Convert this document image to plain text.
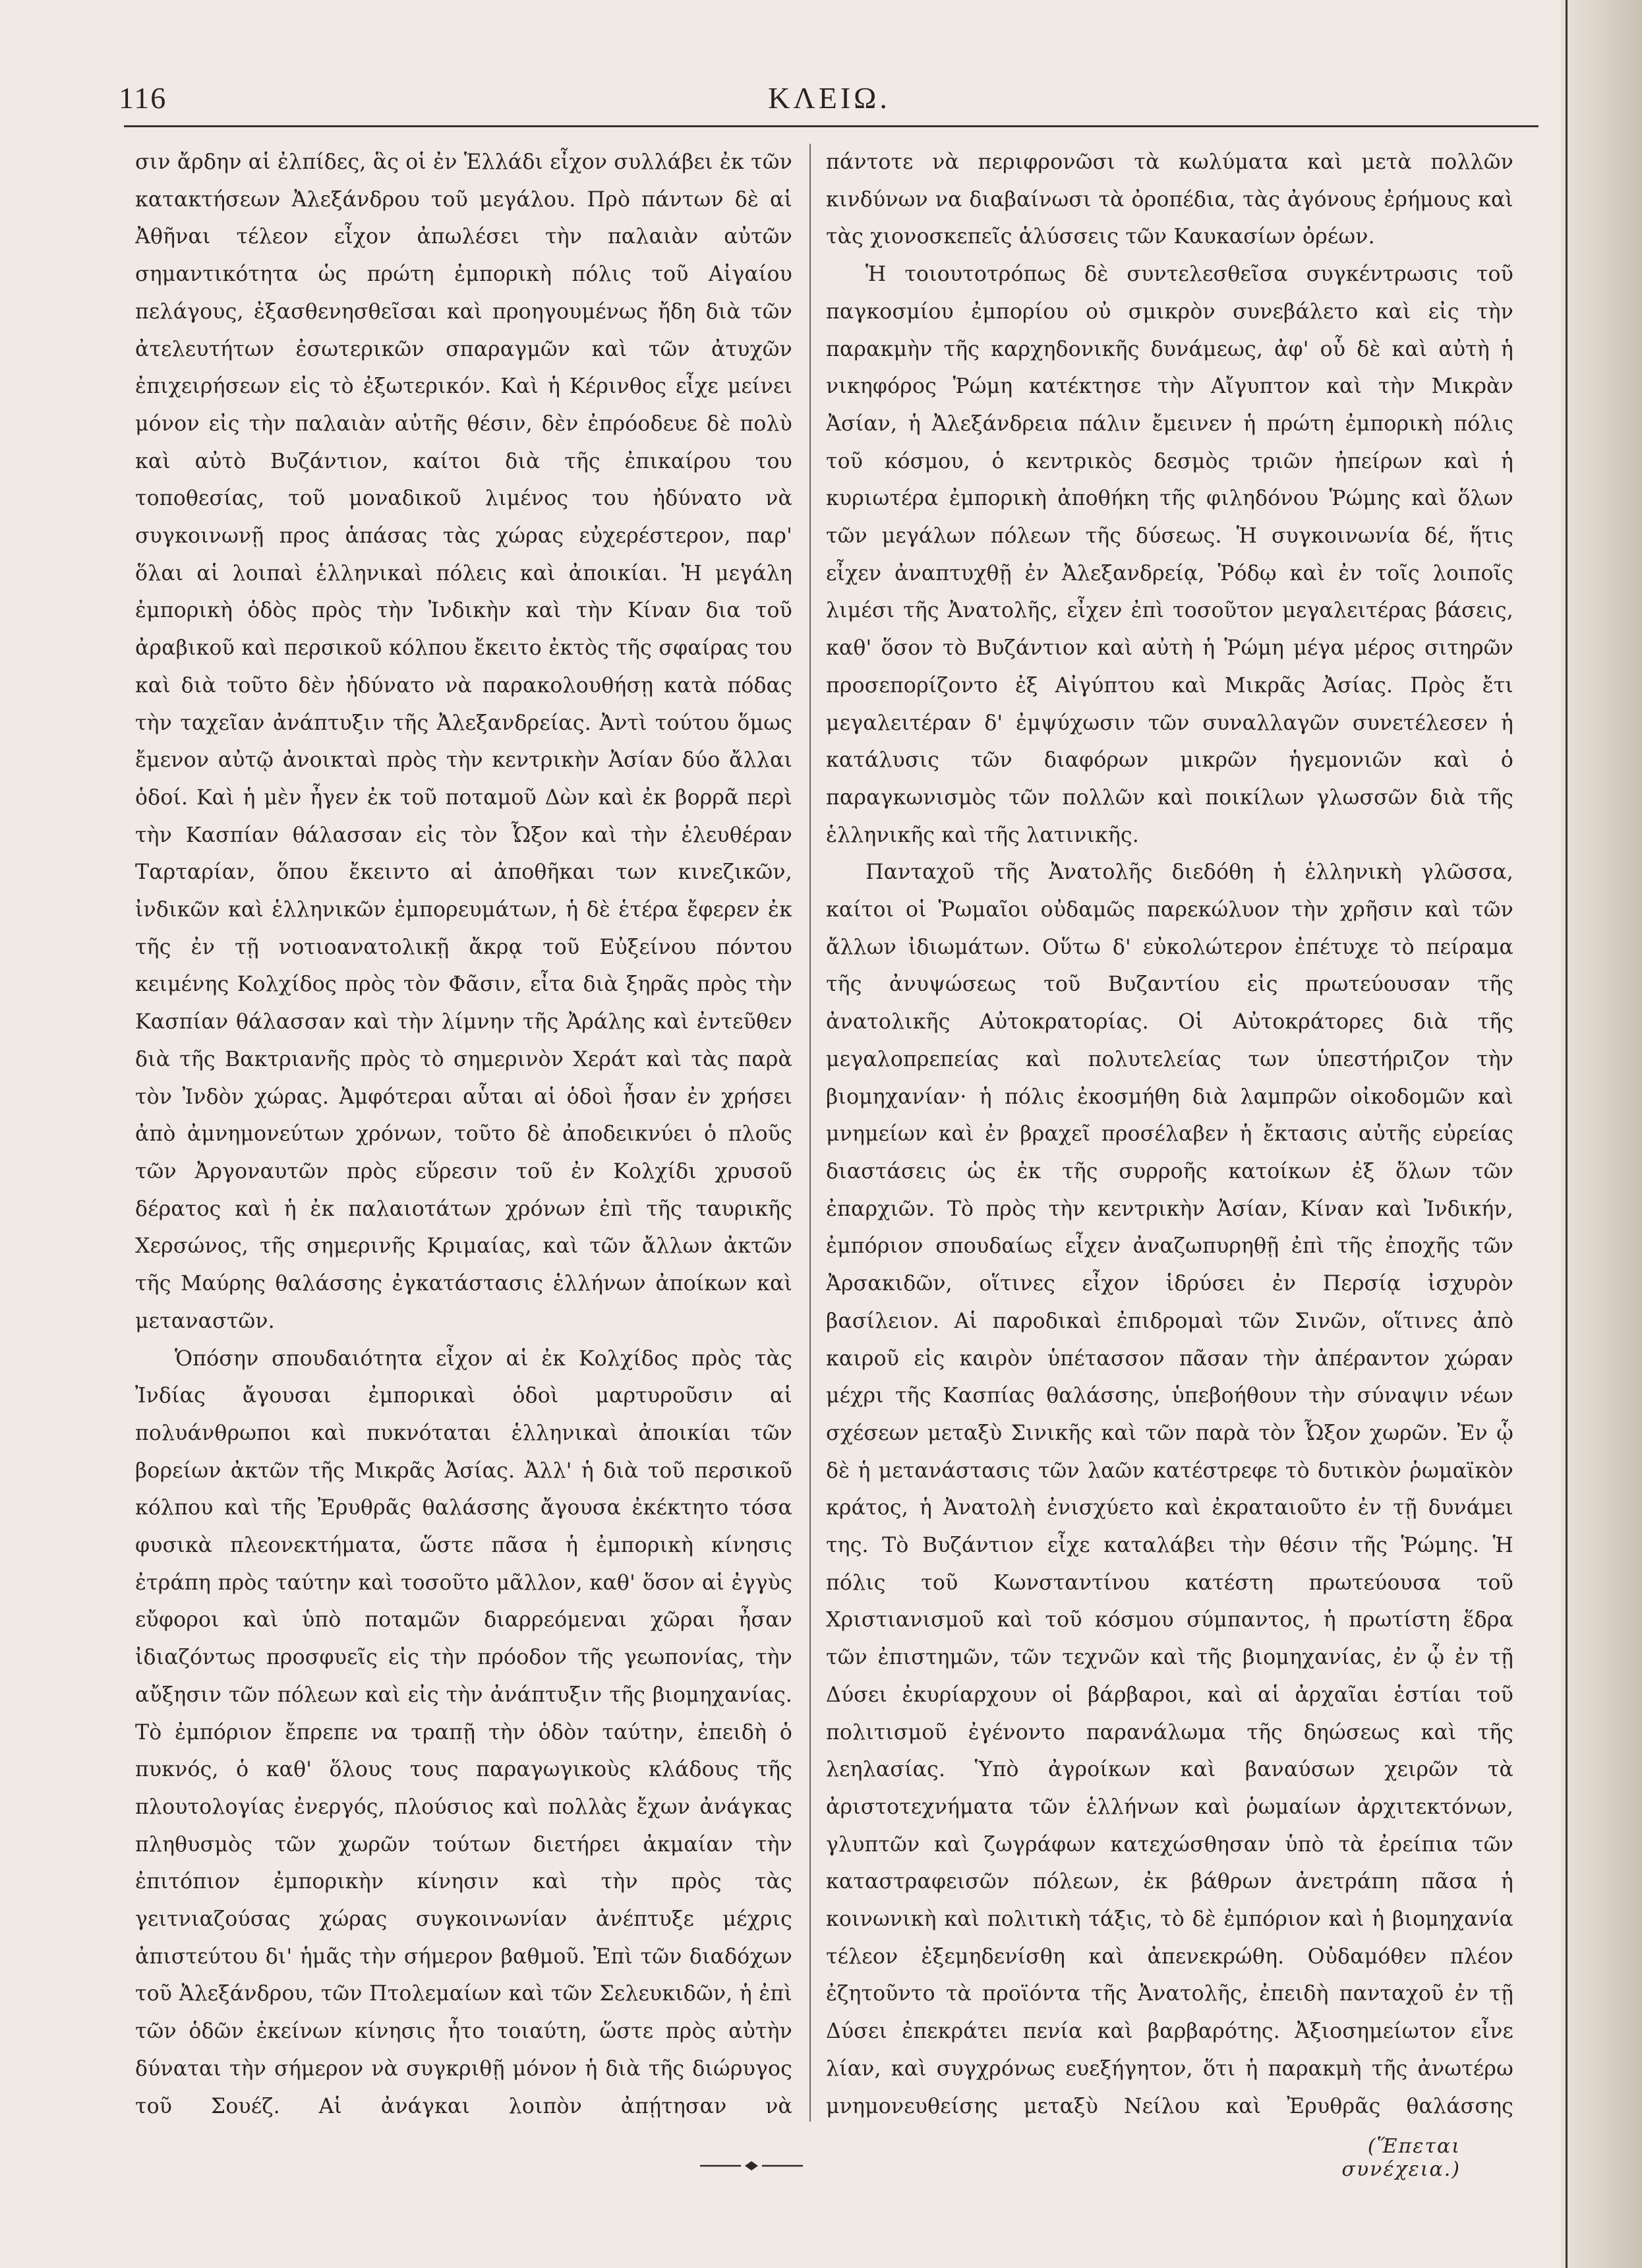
116	ΚΛΕΙΩ.

σιν ἄρδην αἱ ἐλπίδες, ἃς οἱ ἐν Ἑλλάδι εἶχον συλλάβει ἐκ τῶν κατακτήσεων Ἀλεξάνδρου τοῦ μεγάλου. Πρὸ πάντων δὲ αἱ Ἀθῆναι τέλεον εἶχον ἀπωλέσει τὴν παλαιὰν αὐτῶν σημαντικότητα ὡς πρώτη ἐμπορικὴ πόλις τοῦ Αἰγαίου πελάγους, ἐξασθενησθεῖσαι καὶ προηγουμένως ἤδη διὰ τῶν ἀτελευτήτων ἐσωτερικῶν σπαραγμῶν καὶ τῶν ἀτυχῶν ἐπιχειρήσεων εἰς τὸ ἐξωτερικόν. Καὶ ἡ Κέρινθος εἶχε μείνει μόνον εἰς τὴν παλαιὰν αὐτῆς θέσιν, δὲν ἐπρόοδευε δὲ πολὺ καὶ αὐτὸ Βυζάντιον, καίτοι διὰ τῆς ἐπικαίρου του τοποθεσίας, τοῦ μοναδικοῦ λιμένος του ἠδύνατο νὰ συγκοινωνῇ προς ἁπάσας τὰς χώρας εὐχερέστερον, παρ' ὅλαι αἱ λοιπαὶ ἑλληνικαὶ πόλεις καὶ ἀποικίαι. Ἡ μεγάλη ἐμπορικὴ ὁδὸς πρὸς τὴν Ἰνδικὴν καὶ τὴν Κίναν δια τοῦ ἀραβικοῦ καὶ περσικοῦ κόλπου ἔκειτο ἐκτὸς τῆς σφαίρας του καὶ διὰ τοῦτο δὲν ἠδύνατο νὰ παρακολουθήσῃ κατὰ πόδας τὴν ταχεῖαν ἀνάπτυξιν τῆς Ἀλεξανδρείας. Ἀντὶ τούτου ὅμως ἔμενον αὐτῷ ἀνοικταὶ πρὸς τὴν κεντρικὴν Ἀσίαν δύο ἄλλαι ὁδοί. Καὶ ἡ μὲν ἦγεν ἐκ τοῦ ποταμοῦ Δὼν καὶ ἐκ βορρᾶ περὶ τὴν Κασπίαν θάλασσαν εἰς τὸν Ὦξον καὶ τὴν ἐλευθέραν Ταρταρίαν, ὅπου ἔκειντο αἱ ἀποθῆκαι των κινεζικῶν, ἰνδικῶν καὶ ἑλληνικῶν ἐμπορευμάτων, ἡ δὲ ἑτέρα ἔφερεν ἐκ τῆς ἐν τῇ νοτιοανατολικῇ ἄκρᾳ τοῦ Εὐξείνου πόντου κειμένης Κολχίδος πρὸς τὸν Φᾶσιν, εἶτα διὰ ξηρᾶς πρὸς τὴν Κασπίαν θάλασσαν καὶ τὴν λίμνην τῆς Ἀράλης καὶ ἐντεῦθεν διὰ τῆς Βακτριανῆς πρὸς τὸ σημερινὸν Χεράτ καὶ τὰς παρὰ τὸν Ἰνδὸν χώρας. Ἀμφότεραι αὗται αἱ ὁδοὶ ἦσαν ἐν χρήσει ἀπὸ ἀμνημονεύτων χρόνων, τοῦτο δὲ ἀποδεικνύει ὁ πλοῦς τῶν Ἀργοναυτῶν πρὸς εὕρεσιν τοῦ ἐν Κολχίδι χρυσοῦ δέρατος καὶ ἡ ἐκ παλαιοτάτων χρόνων ἐπὶ τῆς ταυρικῆς Χερσώνος, τῆς σημερινῆς Κριμαίας, καὶ τῶν ἄλλων ἀκτῶν τῆς Μαύρης θαλάσσης ἐγκατάστασις ἑλλήνων ἀποίκων καὶ μεταναστῶν.

Ὁπόσην σπουδαιότητα εἶχον αἱ ἐκ Κολχίδος πρὸς τὰς Ἰνδίας ἄγουσαι ἐμπορικαὶ ὁδοὶ μαρτυροῦσιν αἱ πολυάνθρωποι καὶ πυκνόταται ἑλληνικαὶ ἀποικίαι τῶν βορείων ἀκτῶν τῆς Μικρᾶς Ἀσίας. Ἀλλ' ἡ διὰ τοῦ περσικοῦ κόλπου καὶ τῆς Ἐρυθρᾶς θαλάσσης ἄγουσα ἐκέκτητο τόσα φυσικὰ πλεονεκτήματα, ὥστε πᾶσα ἡ ἐμπορικὴ κίνησις ἐτράπη πρὸς ταύτην καὶ τοσοῦτο μᾶλλον, καθ' ὅσον αἱ ἐγγὺς εὔφοροι καὶ ὑπὸ ποταμῶν διαρρεόμεναι χῶραι ἦσαν ἰδιαζόντως προσφυεῖς εἰς τὴν πρόοδον τῆς γεωπονίας, τὴν αὔξησιν τῶν πόλεων καὶ εἰς τὴν ἀνάπτυξιν τῆς βιομηχανίας. Τὸ ἐμπόριον ἔπρεπε να τραπῇ τὴν ὁδὸν ταύτην, ἐπειδὴ ὁ πυκνός, ὁ καθ' ὅλους τους παραγωγικοὺς κλάδους τῆς πλουτολογίας ἐνεργός, πλούσιος καὶ πολλὰς ἔχων ἀνάγκας πληθυσμὸς τῶν χωρῶν τούτων διετήρει ἀκμαίαν τὴν ἐπιτόπιον ἐμπορικὴν κίνησιν καὶ τὴν πρὸς τὰς γειτνιαζούσας χώρας συγκοινωνίαν ἀνέπτυξε μέχρις ἀπιστεύτου δι' ἡμᾶς τὴν σήμερον βαθμοῦ. Ἐπὶ τῶν διαδόχων τοῦ Ἀλεξάνδρου, τῶν Πτολεμαίων καὶ τῶν Σελευκιδῶν, ἡ ἐπὶ τῶν ὁδῶν ἐκείνων κίνησις ἦτο τοιαύτη, ὥστε πρὸς αὐτὴν δύναται τὴν σήμερον νὰ συγκριθῇ μόνον ἡ διὰ τῆς διώρυγος τοῦ Σουέζ. Αἱ ἀνάγκαι λοιπὸν ἀπῄτησαν νὰ

πάντοτε νὰ περιφρονῶσι τὰ κωλύματα καὶ μετὰ πολλῶν κινδύνων να διαβαίνωσι τὰ ὀροπέδια, τὰς ἀγόνους ἐρήμους καὶ τὰς χιονοσκεπεῖς ἁλύσσεις τῶν Καυκασίων ὀρέων.

Ἡ τοιουτοτρόπως δὲ συντελεσθεῖσα συγκέντρωσις τοῦ παγκοσμίου ἐμπορίου οὐ σμικρὸν συνεβάλετο καὶ εἰς τὴν παρακμὴν τῆς καρχηδονικῆς δυνάμεως, ἀφ' οὗ δὲ καὶ αὐτὴ ἡ νικηφόρος Ῥώμη κατέκτησε τὴν Αἴγυπτον καὶ τὴν Μικρὰν Ἀσίαν, ἡ Ἀλεξάνδρεια πάλιν ἔμεινεν ἡ πρώτη ἐμπορικὴ πόλις τοῦ κόσμου, ὁ κεντρικὸς δεσμὸς τριῶν ἠπείρων καὶ ἡ κυριωτέρα ἐμπορικὴ ἀποθήκη τῆς φιληδόνου Ῥώμης καὶ ὅλων τῶν μεγάλων πόλεων τῆς δύσεως. Ἡ συγκοινωνία δέ, ἥτις εἶχεν ἀναπτυχθῇ ἐν Ἀλεξανδρείᾳ, Ῥόδῳ καὶ ἐν τοῖς λοιποῖς λιμέσι τῆς Ἀνατολῆς, εἶχεν ἐπὶ τοσοῦτον μεγαλειτέρας βάσεις, καθ' ὅσον τὸ Βυζάντιον καὶ αὐτὴ ἡ Ῥώμη μέγα μέρος σιτηρῶν προσεπορίζοντο ἐξ Αἰγύπτου καὶ Μικρᾶς Ἀσίας. Πρὸς ἔτι μεγαλειτέραν δ' ἐμψύχωσιν τῶν συναλλαγῶν συνετέλεσεν ἡ κατάλυσις τῶν διαφόρων μικρῶν ἡγεμονιῶν καὶ ὁ παραγκωνισμὸς τῶν πολλῶν καὶ ποικίλων γλωσσῶν διὰ τῆς ἑλληνικῆς καὶ τῆς λατινικῆς.

Πανταχοῦ τῆς Ἀνατολῆς διεδόθη ἡ ἑλληνικὴ γλῶσσα, καίτοι οἱ Ῥωμαῖοι οὐδαμῶς παρεκώλυον τὴν χρῆσιν καὶ τῶν ἄλλων ἰδιωμάτων. Οὕτω δ' εὐκολώτερον ἐπέτυχε τὸ πείραμα τῆς ἀνυψώσεως τοῦ Βυζαντίου εἰς πρωτεύουσαν τῆς ἀνατολικῆς Αὐτοκρατορίας. Οἱ Αὐτοκράτορες διὰ τῆς μεγαλοπρεπείας καὶ πολυτελείας των ὑπεστήριζον τὴν βιομηχανίαν· ἡ πόλις ἐκοσμήθη διὰ λαμπρῶν οἰκοδομῶν καὶ μνημείων καὶ ἐν βραχεῖ προσέλαβεν ἡ ἔκτασις αὐτῆς εὐρείας διαστάσεις ὡς ἐκ τῆς συρροῆς κατοίκων ἐξ ὅλων τῶν ἐπαρχιῶν. Τὸ πρὸς τὴν κεντρικὴν Ἀσίαν, Κίναν καὶ Ἰνδικήν, ἐμπόριον σπουδαίως εἶχεν ἀναζωπυρηθῇ ἐπὶ τῆς ἐποχῆς τῶν Ἀρσακιδῶν, οἵτινες εἶχον ἱδρύσει ἐν Περσίᾳ ἰσχυρὸν βασίλειον. Αἱ παροδικαὶ ἐπιδρομαὶ τῶν Σινῶν, οἵτινες ἀπὸ καιροῦ εἰς καιρὸν ὑπέτασσον πᾶσαν τὴν ἀπέραντον χώραν μέχρι τῆς Κασπίας θαλάσσης, ὑπεβοήθουν τὴν σύναψιν νέων σχέσεων μεταξὺ Σινικῆς καὶ τῶν παρὰ τὸν Ὦξον χωρῶν. Ἐν ᾧ δὲ ἡ μετανάστασις τῶν λαῶν κατέστρεφε τὸ δυτικὸν ῥωμαϊκὸν κράτος, ἡ Ἀνατολὴ ἐνισχύετο καὶ ἐκραταιοῦτο ἐν τῇ δυνάμει της. Τὸ Βυζάντιον εἶχε καταλάβει τὴν θέσιν τῆς Ῥώμης. Ἡ πόλις τοῦ Κωνσταντίνου κατέστη πρωτεύουσα τοῦ Χριστιανισμοῦ καὶ τοῦ κόσμου σύμπαντος, ἡ πρωτίστη ἕδρα τῶν ἐπιστημῶν, τῶν τεχνῶν καὶ τῆς βιομηχανίας, ἐν ᾧ ἐν τῇ Δύσει ἐκυρίαρχουν οἱ βάρβαροι, καὶ αἱ ἀρχαῖαι ἑστίαι τοῦ πολιτισμοῦ ἐγένοντο παρανάλωμα τῆς δηώσεως καὶ τῆς λεηλασίας. Ὑπὸ ἀγροίκων καὶ βαναύσων χειρῶν τὰ ἀριστοτεχνήματα τῶν ἑλλήνων καὶ ῥωμαίων ἀρχιτεκτόνων, γλυπτῶν καὶ ζωγράφων κατεχώσθησαν ὑπὸ τὰ ἐρείπια τῶν καταστραφεισῶν πόλεων, ἐκ βάθρων ἀνετράπη πᾶσα ἡ κοινωνικὴ καὶ πολιτικὴ τάξις, τὸ δὲ ἐμπόριον καὶ ἡ βιομηχανία τέλεον ἐξεμηδενίσθη καὶ ἀπενεκρώθη. Οὐδαμόθεν πλέον ἐζητοῦντο τὰ προϊόντα τῆς Ἀνατολῆς, ἐπειδὴ πανταχοῦ ἐν τῇ Δύσει ἐπεκράτει πενία καὶ βαρβαρότης. Ἀξιοσημείωτον εἶνε λίαν, καὶ συγχρόνως ευεξήγητον, ὅτι ἡ παρακμὴ τῆς ἀνωτέρω μνημονευθείσης μεταξὺ Νείλου καὶ Ἐρυθρᾶς θαλάσσης

(Ἕπεται συνέχεια.)
